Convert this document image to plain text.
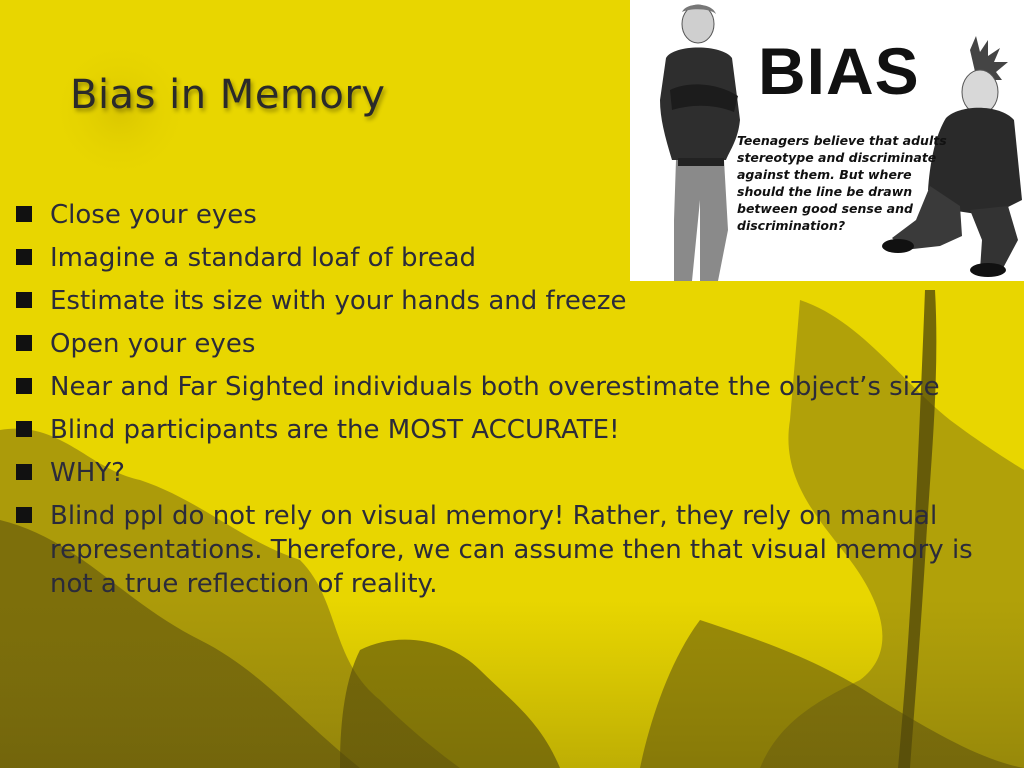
Bias in Memory
Close your eyes
Imagine a standard loaf of bread
Estimate its size with your hands and freeze
Open your eyes
Near and Far Sighted individuals both overestimate the object’s size
Blind participants are the MOST ACCURATE!
WHY?
Blind ppl do not rely on visual memory! Rather, they rely on manual representations. Therefore, we can assume then that visual memory is not a true reflection of reality.

BIAS

Teenagers believe that adults stereotype and discriminate against them. But where should the line be drawn between good sense and discrimination?
